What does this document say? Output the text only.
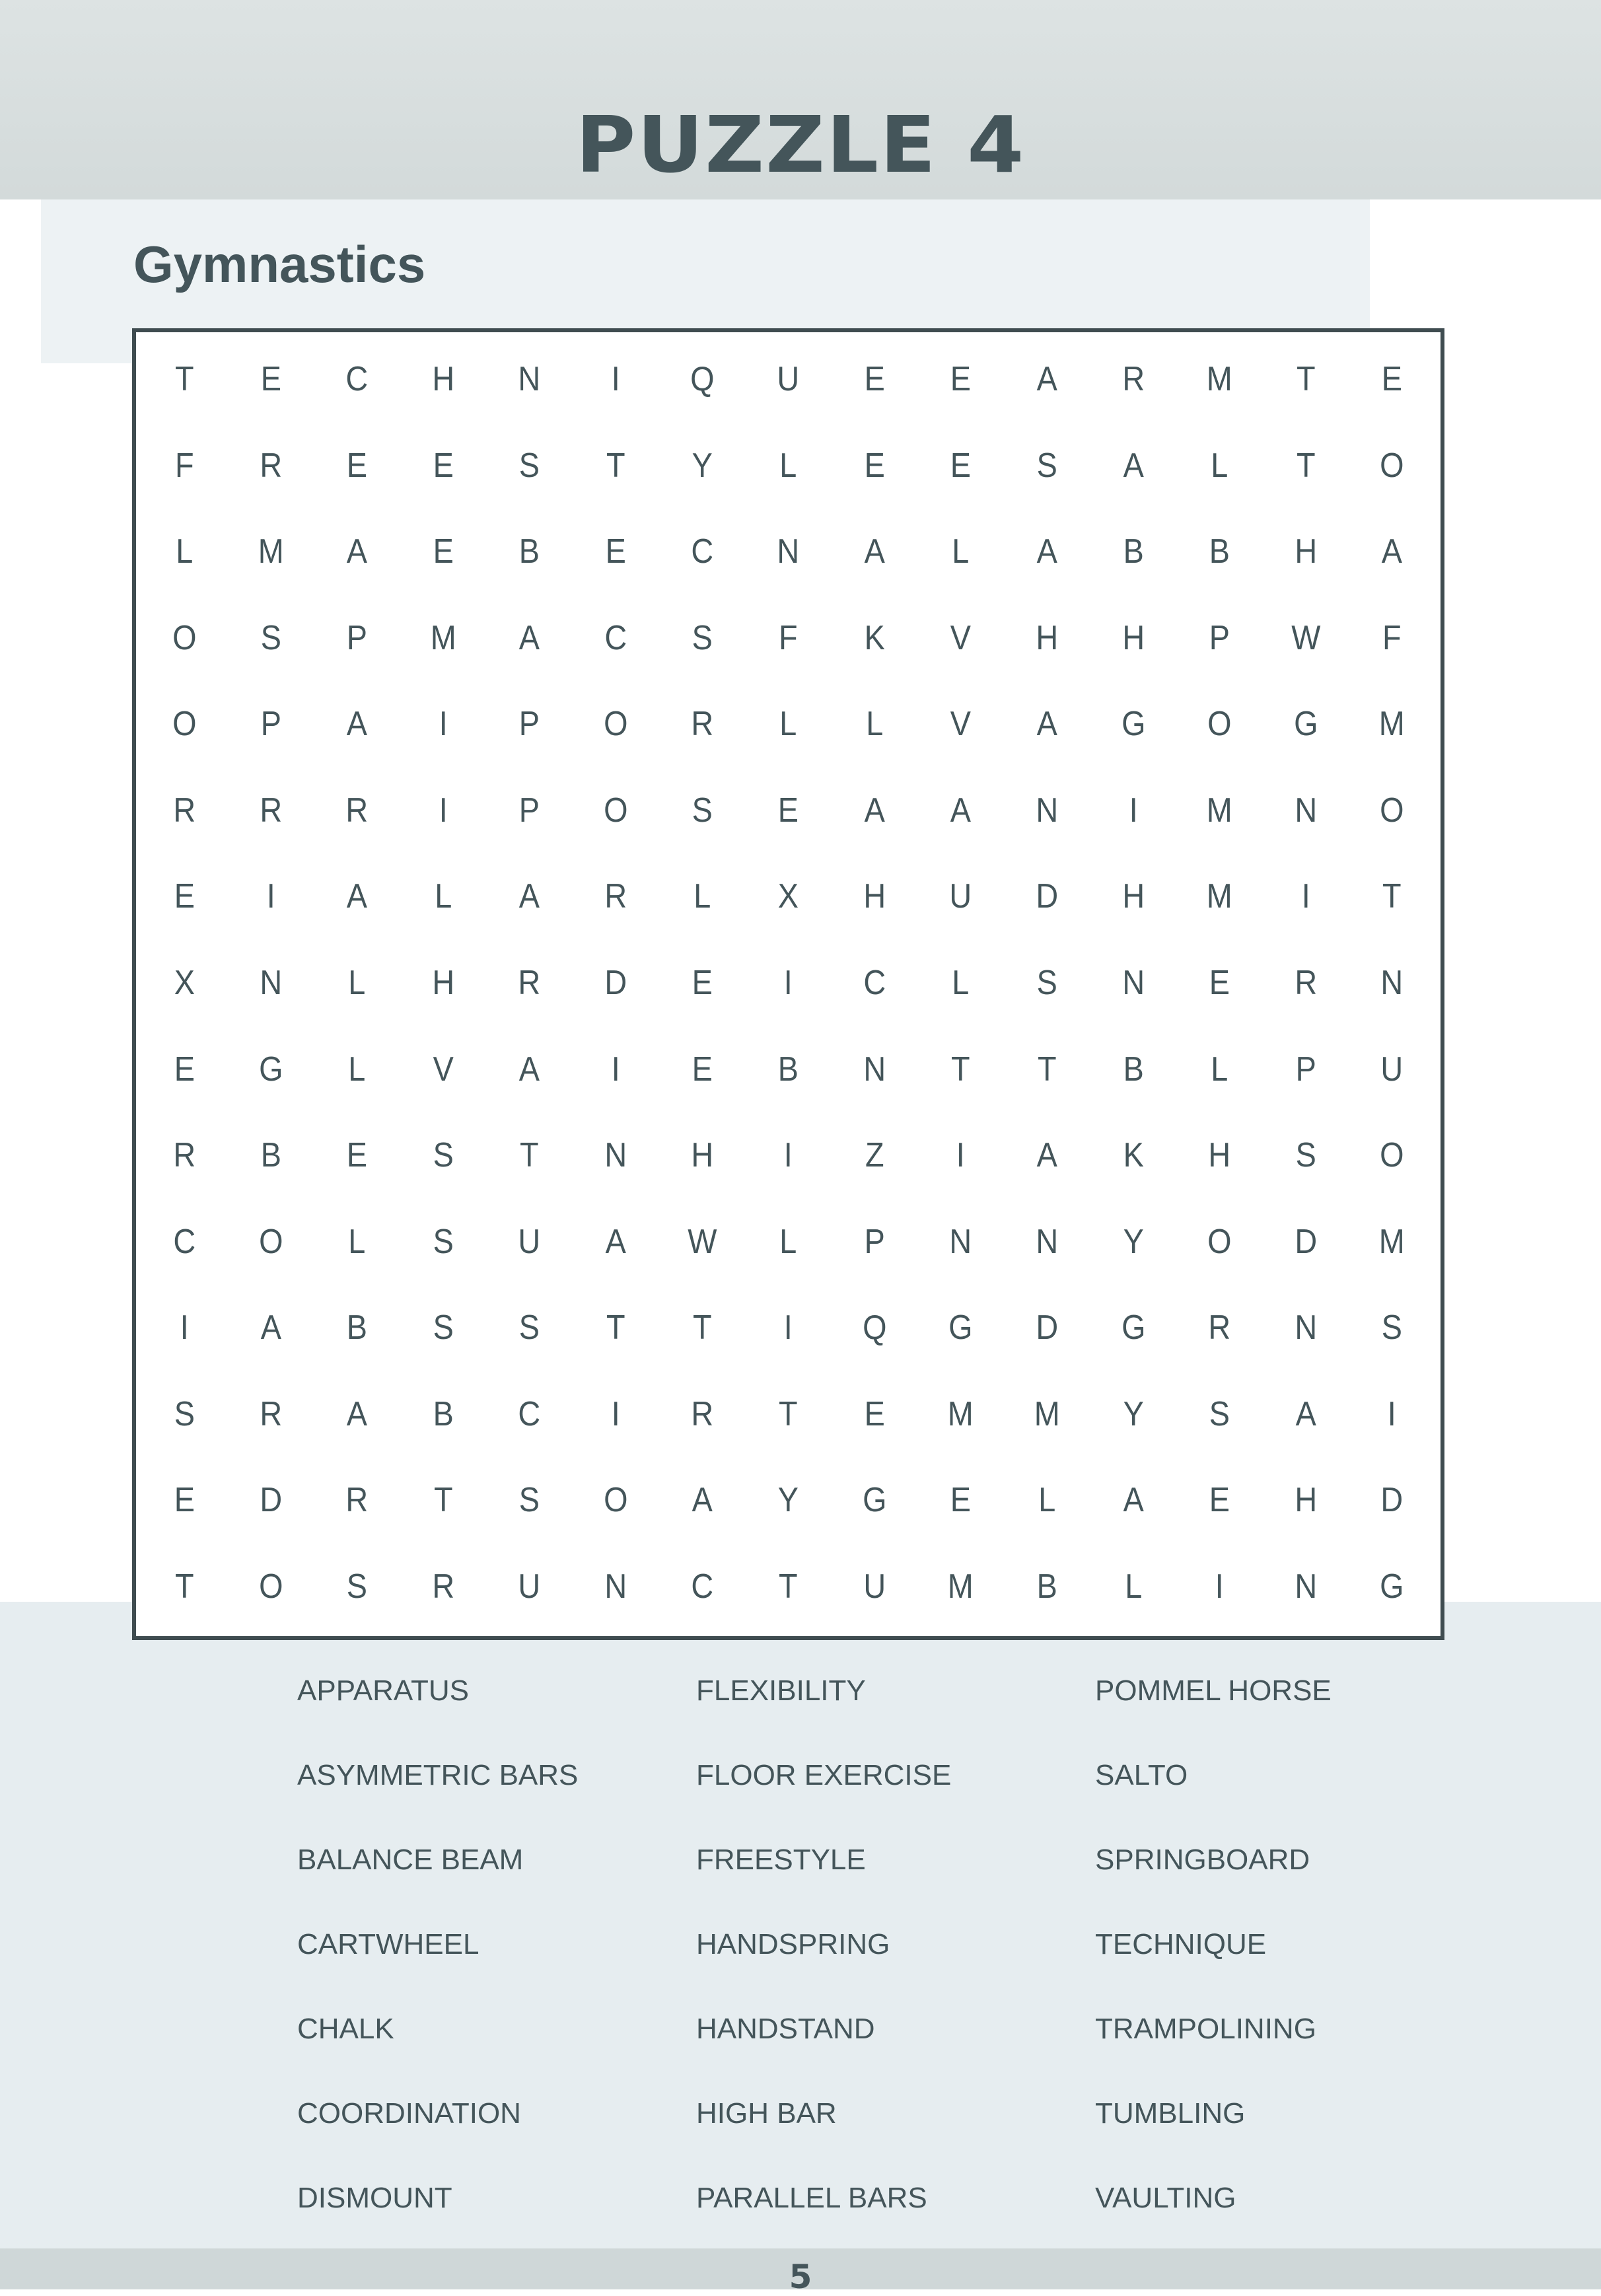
PUZZLE 4
Gymnastics
T	E	C	H	N	I	Q	U	E	E	A	R	M	T	E
F	R	E	E	S	T	Y	L	E	E	S	A	L	T	O
L	M	A	E	B	E	C	N	A	L	A	B	B	H	A
O	S	P	M	A	C	S	F	K	V	H	H	P	W	F
O	P	A	I	P	O	R	L	L	V	A	G	O	G	M
R	R	R	I	P	O	S	E	A	A	N	I	M	N	O
E	I	A	L	A	R	L	X	H	U	D	H	M	I	T
X	N	L	H	R	D	E	I	C	L	S	N	E	R	N
E	G	L	V	A	I	E	B	N	T	T	B	L	P	U
R	B	E	S	T	N	H	I	Z	I	A	K	H	S	O
C	O	L	S	U	A	W	L	P	N	N	Y	O	D	M
I	A	B	S	S	T	T	I	Q	G	D	G	R	N	S
S	R	A	B	C	I	R	T	E	M	M	Y	S	A	I
E	D	R	T	S	O	A	Y	G	E	L	A	E	H	D
T	O	S	R	U	N	C	T	U	M	B	L	I	N	G
APPARATUS
ASYMMETRIC BARS
BALANCE BEAM
CARTWHEEL
CHALK
COORDINATION
DISMOUNT
FLEXIBILITY
FLOOR EXERCISE
FREESTYLE
HANDSPRING
HANDSTAND
HIGH BAR
PARALLEL BARS
POMMEL HORSE
SALTO
SPRINGBOARD
TECHNIQUE
TRAMPOLINING
TUMBLING
VAULTING
5
